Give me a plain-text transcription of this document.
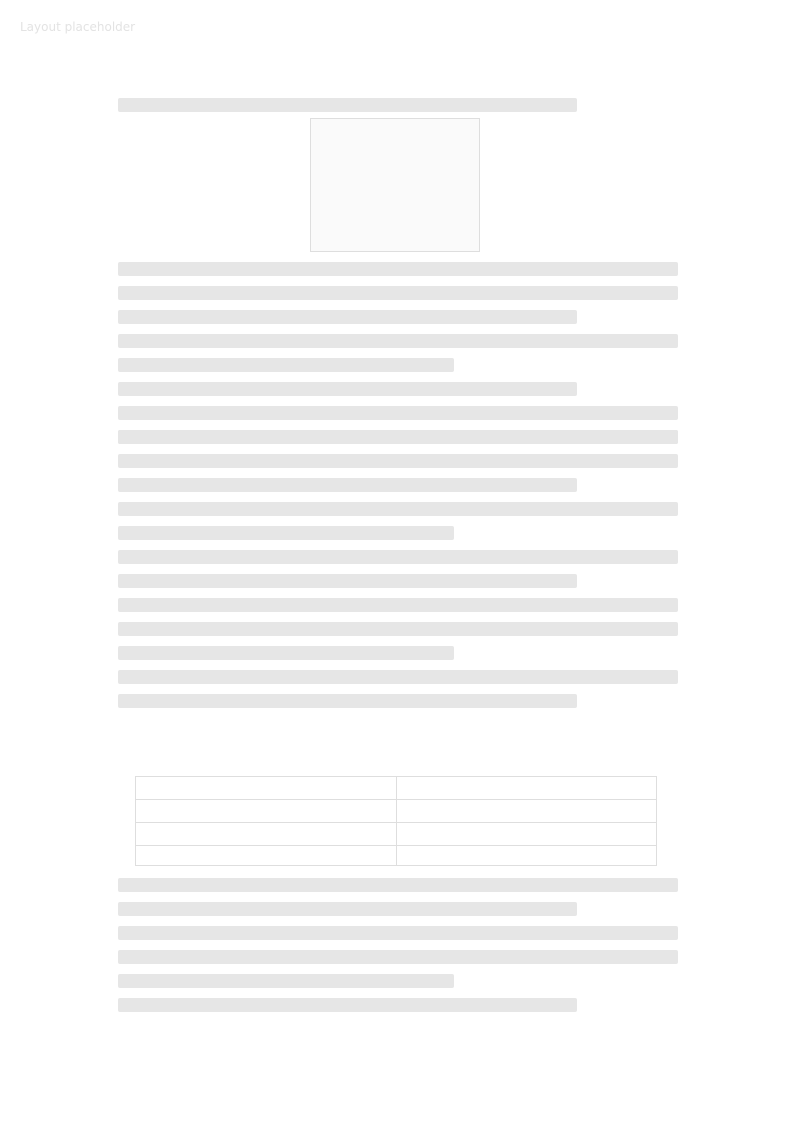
Layout placeholder
